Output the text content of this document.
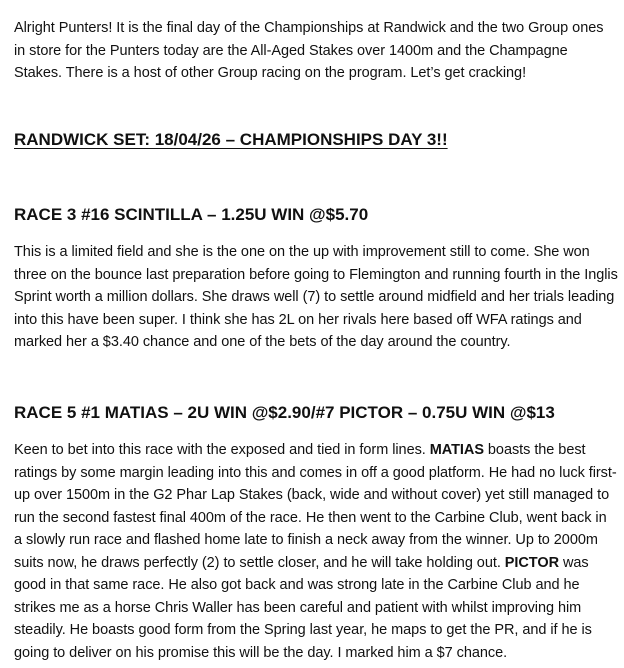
Alright Punters! It is the final day of the Championships at Randwick and the two Group ones in store for the Punters today are the All-Aged Stakes over 1400m and the Champagne Stakes. There is a host of other Group racing on the program. Let’s get cracking!

RANDWICK SET: 18/04/26 – CHAMPIONSHIPS DAY 3!!
RACE 3 #16 SCINTILLA – 1.25U WIN @$5.70

This is a limited field and she is the one on the up with improvement still to come. She won three on the bounce last preparation before going to Flemington and running fourth in the Inglis Sprint worth a million dollars. She draws well (7) to settle around midfield and her trials leading into this have been super. I think she has 2L on her rivals here based off WFA ratings and marked her a $3.40 chance and one of the bets of the day around the country.

RACE 5 #1 MATIAS – 2U WIN @$2.90/#7 PICTOR – 0.75U WIN @$13

Keen to bet into this race with the exposed and tied in form lines. MATIAS boasts the best ratings by some margin leading into this and comes in off a good platform. He had no luck first-up over 1500m in the G2 Phar Lap Stakes (back, wide and without cover) yet still managed to run the second fastest final 400m of the race. He then went to the Carbine Club, went back in a slowly run race and flashed home late to finish a neck away from the winner. Up to 2000m suits now, he draws perfectly (2) to settle closer, and he will take holding out. PICTOR was good in that same race. He also got back and was strong late in the Carbine Club and he strikes me as a horse Chris Waller has been careful and patient with whilst improving him steadily. He boasts good form from the Spring last year, he maps to get the PR, and if he is going to deliver on his promise this will be the day. I marked him a $7 chance.
